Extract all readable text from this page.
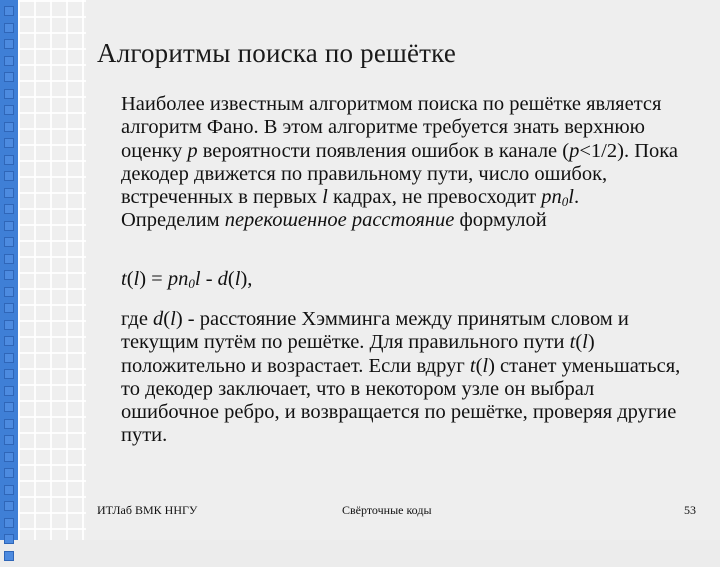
Алгоритмы поиска по решётке
Наиболее известным алгоритмом поиска по решётке является алгоритм Фано. В этом алгоритме требуется знать верхнюю оценку p вероятности появления ошибок в канале (p<1/2). Пока декодер движется по правильному пути, число ошибок, встреченных в первых l кадрах, не превосходит $pn_0l$. Определим перекошенное расстояние формулой
$t(l) = pn_0l - d(l)$,
где d(l) - расстояние Хэмминга между принятым словом и текущим путём по решётке. Для правильного пути t(l) положительно и возрастает. Если вдруг t(l) станет уменьшаться, то декодер заключает, что в некотором узле он выбрал ошибочное ребро, и возвращается по решётке, проверяя другие пути.
ИТЛаб ВМК ННГУ	Свёрточные коды	53
